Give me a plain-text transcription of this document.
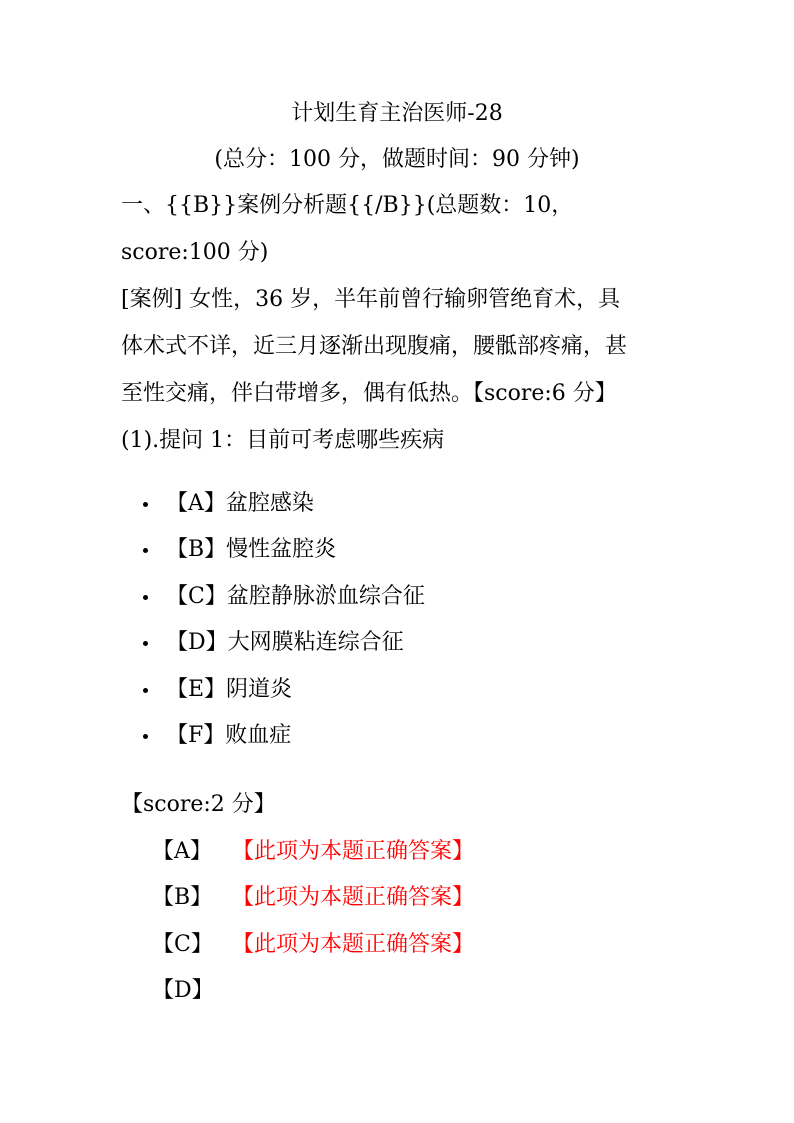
计划生育主治医师-28
(总分：100 分，做题时间：90 分钟)
一、{{B}}案例分析题{{/B}}(总题数：10，
score:100 分)
[案例] 女性，36 岁，半年前曾行输卵管绝育术，具
体术式不详，近三月逐渐出现腹痛，腰骶部疼痛，甚
至性交痛，伴白带增多，偶有低热。【score:6 分】
(1).提问 1：目前可考虑哪些疾病
【A】盆腔感染
【B】慢性盆腔炎
【C】盆腔静脉淤血综合征
【D】大网膜粘连综合征
【E】阴道炎
【F】败血症
【score:2 分】
【A】 【此项为本题正确答案】
【B】 【此项为本题正确答案】
【C】 【此项为本题正确答案】
【D】
